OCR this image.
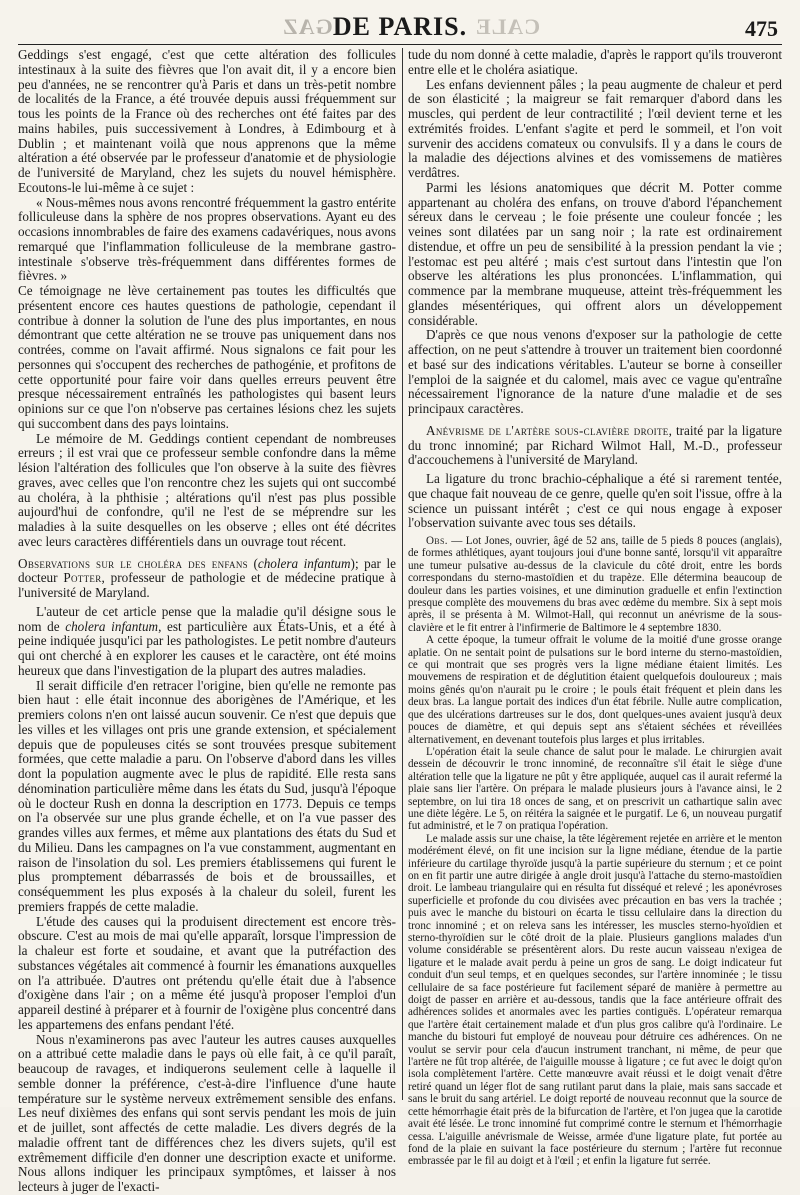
GAZ	CALE
DE PARIS.	475

Geddings s'est engagé, c'est que cette altération des follicules intestinaux à la suite des fièvres que l'on avait dit, il y a encore bien peu d'années, ne se rencontrer qu'à Paris et dans un très-petit nombre de localités de la France, a été trouvée depuis aussi fréquemment sur tous les points de la France où des recherches ont été faites par des mains habiles, puis successivement à Londres, à Edimbourg et à Dublin ; et maintenant voilà que nous apprenons que la même altération a été observée par le professeur d'anatomie et de physiologie de l'université de Maryland, chez les sujets du nouvel hémisphère. Ecoutons-le lui-même à ce sujet :

« Nous-mêmes nous avons rencontré fréquemment la gastro entérite folliculeuse dans la sphère de nos propres observations. Ayant eu des occasions innombrables de faire des examens cadavériques, nous avons remarqué que l'inflammation folliculeuse de la membrane gastro-intestinale s'observe très-fréquemment dans différentes formes de fièvres. »

Ce témoignage ne lève certainement pas toutes les difficultés que présentent encore ces hautes questions de pathologie, cependant il contribue à donner la solution de l'une des plus importantes, en nous démontrant que cette altération ne se trouve pas uniquement dans nos contrées, comme on l'avait affirmé. Nous signalons ce fait pour les personnes qui s'occupent des recherches de pathogénie, et profitons de cette opportunité pour faire voir dans quelles erreurs peuvent être presque nécessairement entraînés les pathologistes qui basent leurs opinions sur ce que l'on n'observe pas certaines lésions chez les sujets qui succombent dans des pays lointains.

Le mémoire de M. Geddings contient cependant de nombreuses erreurs ; il est vrai que ce professeur semble confondre dans la même lésion l'altération des follicules que l'on observe à la suite des fièvres graves, avec celles que l'on rencontre chez les sujets qui ont succombé au choléra, à la phthisie ; altérations qu'il n'est pas plus possible aujourd'hui de confondre, qu'il ne l'est de se méprendre sur les maladies à la suite desquelles on les observe ; elles ont été décrites avec leurs caractères différentiels dans un ouvrage tout récent.

Observations sur le choléra des enfans (cholera infantum); par le docteur Potter, professeur de pathologie et de médecine pratique à l'université de Maryland.

L'auteur de cet article pense que la maladie qu'il désigne sous le nom de cholera infantum, est particulière aux États-Unis, et a été à peine indiquée jusqu'ici par les pathologistes. Le petit nombre d'auteurs qui ont cherché à en explorer les causes et le caractère, ont été moins heureux que dans l'investigation de la plupart des autres maladies.

Il serait difficile d'en retracer l'origine, bien qu'elle ne remonte pas bien haut : elle était inconnue des aborigènes de l'Amérique, et les premiers colons n'en ont laissé aucun souvenir. Ce n'est que depuis que les villes et les villages ont pris une grande extension, et spécialement depuis que de populeuses cités se sont trouvées presque subitement formées, que cette maladie a paru. On l'observe d'abord dans les villes dont la population augmente avec le plus de rapidité. Elle resta sans dénomination particulière même dans les états du Sud, jusqu'à l'époque où le docteur Rush en donna la description en 1773. Depuis ce temps on l'a observée sur une plus grande échelle, et on l'a vue passer des grandes villes aux fermes, et même aux plantations des états du Sud et du Milieu. Dans les campagnes on l'a vue constamment, augmentant en raison de l'insolation du sol. Les premiers établissemens qui furent le plus promptement débarrassés de bois et de broussailles, et conséquemment les plus exposés à la chaleur du soleil, furent les premiers frappés de cette maladie.

L'étude des causes qui la produisent directement est encore très-obscure. C'est au mois de mai qu'elle apparaît, lorsque l'impression de la chaleur est forte et soudaine, et avant que la putréfaction des substances végétales ait commencé à fournir les émanations auxquelles on l'a attribuée. D'autres ont prétendu qu'elle était due à l'absence d'oxigène dans l'air ; on a même été jusqu'à proposer l'emploi d'un appareil destiné à préparer et à fournir de l'oxigène plus concentré dans les appartemens des enfans pendant l'été.

Nous n'examinerons pas avec l'auteur les autres causes auxquelles on a attribué cette maladie dans le pays où elle fait, à ce qu'il paraît, beaucoup de ravages, et indiquerons seulement celle à laquelle il semble donner la préférence, c'est-à-dire l'influence d'une haute température sur le système nerveux extrêmement sensible des enfans. Les neuf dixièmes des enfans qui sont servis pendant les mois de juin et de juillet, sont affectés de cette maladie. Les divers degrés de la maladie offrent tant de différences chez les divers sujets, qu'il est extrêmement difficile d'en donner une description exacte et uniforme. Nous allons indiquer les principaux symptômes, et laisser à nos lecteurs à juger de l'exacti-

tude du nom donné à cette maladie, d'après le rapport qu'ils trouveront entre elle et le choléra asiatique.

Les enfans deviennent pâles ; la peau augmente de chaleur et perd de son élasticité ; la maigreur se fait remarquer d'abord dans les muscles, qui perdent de leur contractilité ; l'œil devient terne et les extrémités froides. L'enfant s'agite et perd le sommeil, et l'on voit survenir des accidens comateux ou convulsifs. Il y a dans le cours de la maladie des déjections alvines et des vomissemens de matières verdâtres.

Parmi les lésions anatomiques que décrit M. Potter comme appartenant au choléra des enfans, on trouve d'abord l'épanchement séreux dans le cerveau ; le foie présente une couleur foncée ; les veines sont dilatées par un sang noir ; la rate est ordinairement distendue, et offre un peu de sensibilité à la pression pendant la vie ; l'estomac est peu altéré ; mais c'est surtout dans l'intestin que l'on observe les altérations les plus prononcées. L'inflammation, qui commence par la membrane muqueuse, atteint très-fréquemment les glandes mésentériques, qui offrent alors un développement considérable.

D'après ce que nous venons d'exposer sur la pathologie de cette affection, on ne peut s'attendre à trouver un traitement bien coordonné et basé sur des indications véritables. L'auteur se borne à conseiller l'emploi de la saignée et du calomel, mais avec ce vague qu'entraîne nécessairement l'ignorance de la nature d'une maladie et de ses principaux caractères.

Anévrisme de l'artère sous-clavière droite, traité par la ligature du tronc innominé; par Richard Wilmot Hall, M.-D., professeur d'accouchemens à l'université de Maryland.

La ligature du tronc brachio-céphalique a été si rarement tentée, que chaque fait nouveau de ce genre, quelle qu'en soit l'issue, offre à la science un puissant intérêt ; c'est ce qui nous engage à exposer l'observation suivante avec tous ses détails.

Obs. — Lot Jones, ouvrier, âgé de 52 ans, taille de 5 pieds 8 pouces (anglais), de formes athlétiques, ayant toujours joui d'une bonne santé, lorsqu'il vit apparaître une tumeur pulsative au-dessus de la clavicule du côté droit, entre les bords correspondans du sterno-mastoïdien et du trapèze. Elle détermina beaucoup de douleur dans les parties voisines, et une diminution graduelle et enfin l'extinction presque complète des mouvemens du bras avec œdème du membre. Six à sept mois après, il se présenta à M. Wilmot-Hall, qui reconnut un anévrisme de la sous-clavière et le fit entrer à l'infirmerie de Baltimore le 4 septembre 1830.

A cette époque, la tumeur offrait le volume de la moitié d'une grosse orange aplatie. On ne sentait point de pulsations sur le bord interne du sterno-mastoïdien, ce qui montrait que ses progrès vers la ligne médiane étaient limités. Les mouvemens de respiration et de déglutition étaient quelquefois douloureux ; mais moins gênés qu'on n'aurait pu le croire ; le pouls était fréquent et plein dans les deux bras. La langue portait des indices d'un état fébrile. Nulle autre complication, que des ulcérations dartreuses sur le dos, dont quelques-unes avaient jusqu'à deux pouces de diamètre, et qui depuis sept ans s'étaient séchées et réveillées alternativement, en devenant toutefois plus larges et plus irritables.

L'opération était la seule chance de salut pour le malade. Le chirurgien avait dessein de découvrir le tronc innominé, de reconnaître s'il était le siège d'une altération telle que la ligature ne pût y être appliquée, auquel cas il aurait refermé la plaie sans lier l'artère. On prépara le malade plusieurs jours à l'avance ainsi, le 2 septembre, on lui tira 18 onces de sang, et on prescrivit un cathartique salin avec une diète légère. Le 5, on réitéra la saignée et le purgatif. Le 6, un nouveau purgatif fut administré, et le 7 on pratiqua l'opération.

Le malade assis sur une chaise, la tête légèrement rejetée en arrière et le menton modérément élevé, on fit une incision sur la ligne médiane, étendue de la partie inférieure du cartilage thyroïde jusqu'à la partie supérieure du sternum ; et ce point on en fit partir une autre dirigée à angle droit jusqu'à l'attache du sterno-mastoïdien droit. Le lambeau triangulaire qui en résulta fut disséqué et relevé ; les aponévroses superficielle et profonde du cou divisées avec précaution en bas vers la trachée ; puis avec le manche du bistouri on écarta le tissu cellulaire dans la direction du tronc innominé ; et on releva sans les intéresser, les muscles sterno-hyoïdien et sterno-thyroïdien sur le côté droit de la plaie. Plusieurs ganglions malades d'un volume considérable se présentèrent alors. Du reste aucun vaisseau n'exigea de ligature et le malade avait perdu à peine un gros de sang. Le doigt indicateur fut conduit d'un seul temps, et en quelques secondes, sur l'artère innominée ; le tissu cellulaire de sa face postérieure fut facilement séparé de manière à permettre au doigt de passer en arrière et au-dessous, tandis que la face antérieure offrait des adhérences solides et anormales avec les parties contiguës. L'opérateur remarqua que l'artère était certainement malade et d'un plus gros calibre qu'à l'ordinaire. Le manche du bistouri fut employé de nouveau pour détruire ces adhérences. On ne voulut se servir pour cela d'aucun instrument tranchant, ni même, de peur que l'artère ne fût trop altérée, de l'aiguille mousse à ligature ; ce fut avec le doigt qu'on isola complètement l'artère. Cette manœuvre avait réussi et le doigt venait d'être retiré quand un léger flot de sang rutilant parut dans la plaie, mais sans saccade et sans le bruit du sang artériel. Le doigt reporté de nouveau reconnut que la source de cette hémorrhagie était près de la bifurcation de l'artère, et l'on jugea que la carotide avait été lésée. Le tronc innominé fut comprimé contre le sternum et l'hémorrhagie cessa. L'aiguille anévrismale de Weisse, armée d'une ligature plate, fut portée au fond de la plaie en suivant la face postérieure du sternum ; l'artère fut reconnue embrassée par le fil au doigt et à l'œil ; et enfin la ligature fut serrée.
